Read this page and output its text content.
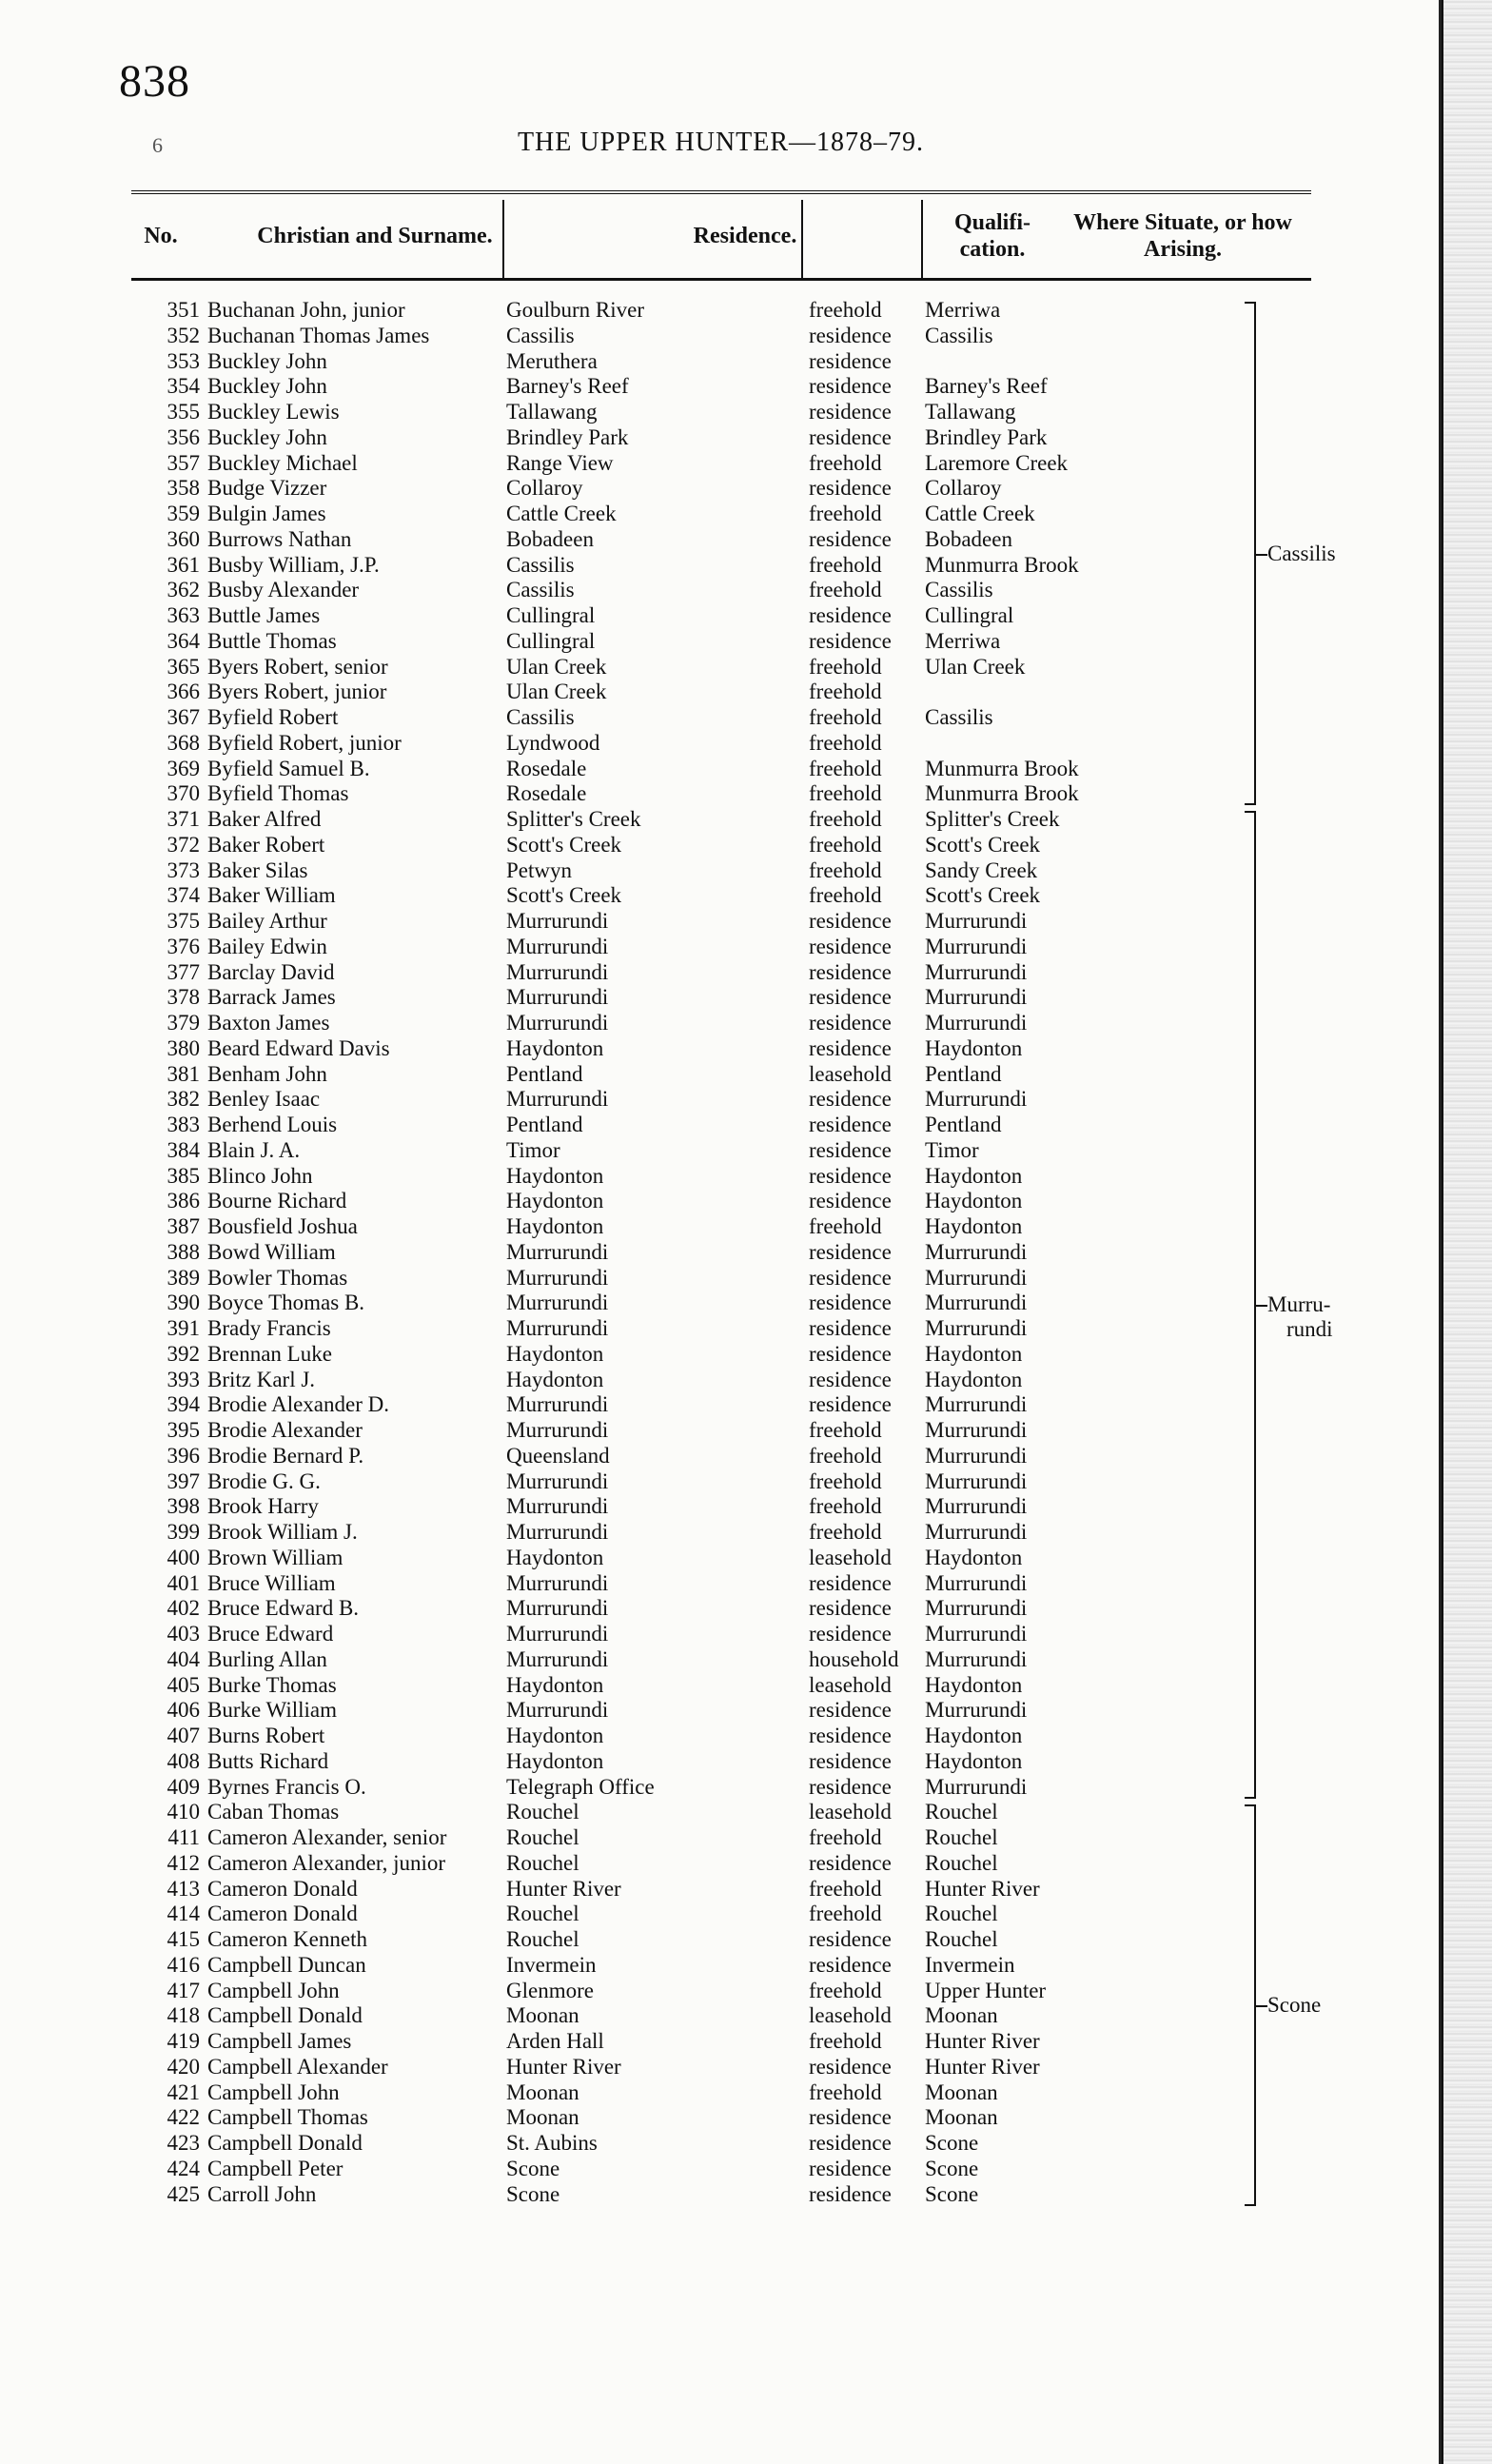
838
6	THE UPPER HUNTER—1878–79.
No.	Christian and Surname.	Residence.
Qualifi-
cation.
Where Situate, or how Arising.
351 Buchanan John, junior	Goulburn River	freehold Merriwa
352 Buchanan Thomas James	Cassilis	residence Cassilis
353 Buckley John	Meruthera	residence
354 Buckley John	Barney's Reef	residence Barney's Reef
355 Buckley Lewis	Tallawang	residence Tallawang
356 Buckley John	Brindley Park	residence Brindley Park
357 Buckley Michael	Range View	freehold Laremore Creek
358 Budge Vizzer	Collaroy	residence Collaroy
359 Bulgin James	Cattle Creek	freehold Cattle Creek
360 Burrows Nathan	Bobadeen	residence Bobadeen
361 Busby William, J.P.	Cassilis	freehold Munmurra Brook
362 Busby Alexander	Cassilis	freehold Cassilis
363 Buttle James	Cullingral	residence Cullingral
364 Buttle Thomas	Cullingral	residence Merriwa
365 Byers Robert, senior	Ulan Creek	freehold Ulan Creek
366 Byers Robert, junior	Ulan Creek	freehold
367 Byfield Robert	Cassilis	freehold Cassilis
368 Byfield Robert, junior	Lyndwood	freehold
369 Byfield Samuel B.	Rosedale	freehold Munmurra Brook
370 Byfield Thomas	Rosedale	freehold Munmurra Brook
371 Baker Alfred	Splitter's Creek	freehold Splitter's Creek
372 Baker Robert	Scott's Creek	freehold Scott's Creek
373 Baker Silas	Petwyn	freehold Sandy Creek
374 Baker William	Scott's Creek	freehold Scott's Creek
375 Bailey Arthur	Murrurundi	residence Murrurundi
376 Bailey Edwin	Murrurundi	residence Murrurundi
377 Barclay David	Murrurundi	residence Murrurundi
378 Barrack James	Murrurundi	residence Murrurundi
379 Baxton James	Murrurundi	residence Murrurundi
380 Beard Edward Davis	Haydonton	residence Haydonton
381 Benham John	Pentland	leasehold Pentland
382 Benley Isaac	Murrurundi	residence Murrurundi
383 Berhend Louis	Pentland	residence Pentland
384 Blain J. A.	Timor	residence Timor
385 Blinco John	Haydonton	residence Haydonton
386 Bourne Richard	Haydonton	residence Haydonton
387 Bousfield Joshua	Haydonton	freehold Haydonton
388 Bowd William	Murrurundi	residence Murrurundi
389 Bowler Thomas	Murrurundi	residence Murrurundi
390 Boyce Thomas B.	Murrurundi	residence Murrurundi
391 Brady Francis	Murrurundi	residence Murrurundi
392 Brennan Luke	Haydonton	residence Haydonton
393 Britz Karl J.	Haydonton	residence Haydonton
394 Brodie Alexander D.	Murrurundi	residence Murrurundi
395 Brodie Alexander	Murrurundi	freehold Murrurundi
396 Brodie Bernard P.	Queensland	freehold Murrurundi
397 Brodie G. G.	Murrurundi	freehold Murrurundi
398 Brook Harry	Murrurundi	freehold Murrurundi
399 Brook William J.	Murrurundi	freehold Murrurundi
400 Brown William	Haydonton	leasehold Haydonton
401 Bruce William	Murrurundi	residence Murrurundi
402 Bruce Edward B.	Murrurundi	residence Murrurundi
403 Bruce Edward	Murrurundi	residence Murrurundi
404 Burling Allan	Murrurundi	household Murrurundi
405 Burke Thomas	Haydonton	leasehold Haydonton
406 Burke William	Murrurundi	residence Murrurundi
407 Burns Robert	Haydonton	residence Haydonton
408 Butts Richard	Haydonton	residence Haydonton
409 Byrnes Francis O.	Telegraph Office	residence Murrurundi
410 Caban Thomas	Rouchel	leasehold Rouchel
411 Cameron Alexander, senior	Rouchel	freehold Rouchel
412 Cameron Alexander, junior	Rouchel	residence Rouchel
413 Cameron Donald	Hunter River	freehold Hunter River
414 Cameron Donald	Rouchel	freehold Rouchel
415 Cameron Kenneth	Rouchel	residence Rouchel
416 Campbell Duncan	Invermein	residence Invermein
417 Campbell John	Glenmore	freehold Upper Hunter
418 Campbell Donald	Moonan	leasehold Moonan
419 Campbell James	Arden Hall	freehold Hunter River
420 Campbell Alexander	Hunter River	residence Hunter River
421 Campbell John	Moonan	freehold Moonan
422 Campbell Thomas	Moonan	residence Moonan
423 Campbell Donald	St. Aubins	residence Scone
424 Campbell Peter	Scone	residence Scone
425 Carroll John	Scone	residence Scone
Cassilis
Murru-
rundi
Scone
